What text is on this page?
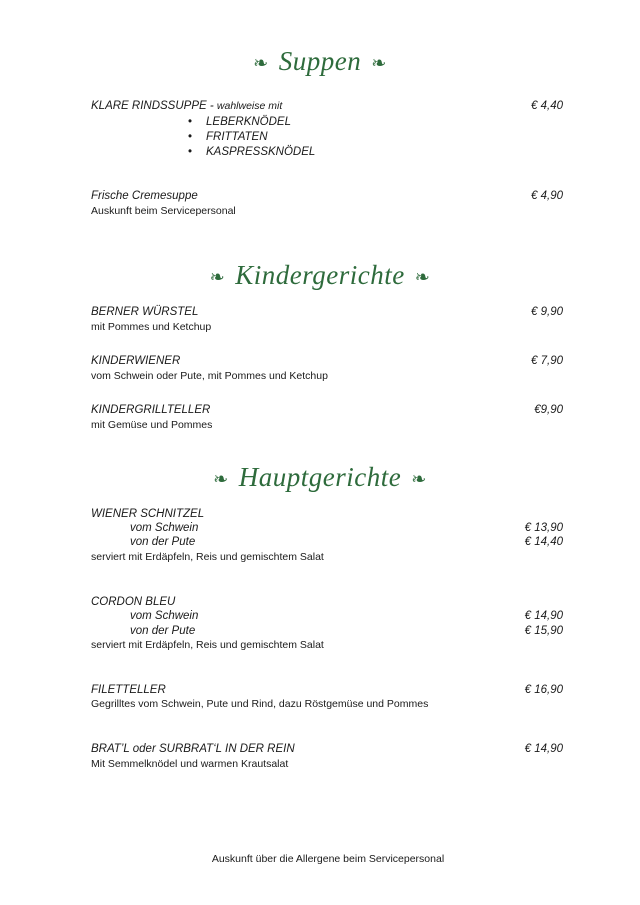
❧ Suppen ❧
KLARE RINDSSUPPE - wahlweise mit	€ 4,40
• LEBERKNÖDEL
• FRITTATEN
• KASPRESSKNÖDEL
Frische Cremesuppe	€ 4,90
Auskunft beim Servicepersonal
❧ Kindergerichte ❧
BERNER WÜRSTEL	€ 9,90
mit Pommes und Ketchup
KINDERWIENER	€ 7,90
vom Schwein oder Pute, mit Pommes und Ketchup
KINDERGRILLTELLER	€9,90
mit Gemüse und Pommes
❧ Hauptgerichte ❧
WIENER SCHNITZEL
vom Schwein	€ 13,90
von der Pute	€ 14,40
serviert mit Erdäpfeln, Reis und gemischtem Salat
CORDON BLEU
vom Schwein	€ 14,90
von der Pute	€ 15,90
serviert mit Erdäpfeln, Reis und gemischtem Salat
FILETTELLER	€ 16,90
Gegrilltes vom Schwein, Pute und Rind, dazu Röstgemüse und Pommes
BRAT’L oder SURBRAT‘L IN DER REIN	€ 14,90
Mit Semmelknödel und warmen Krautsalat
Auskunft über die Allergene beim Servicepersonal
